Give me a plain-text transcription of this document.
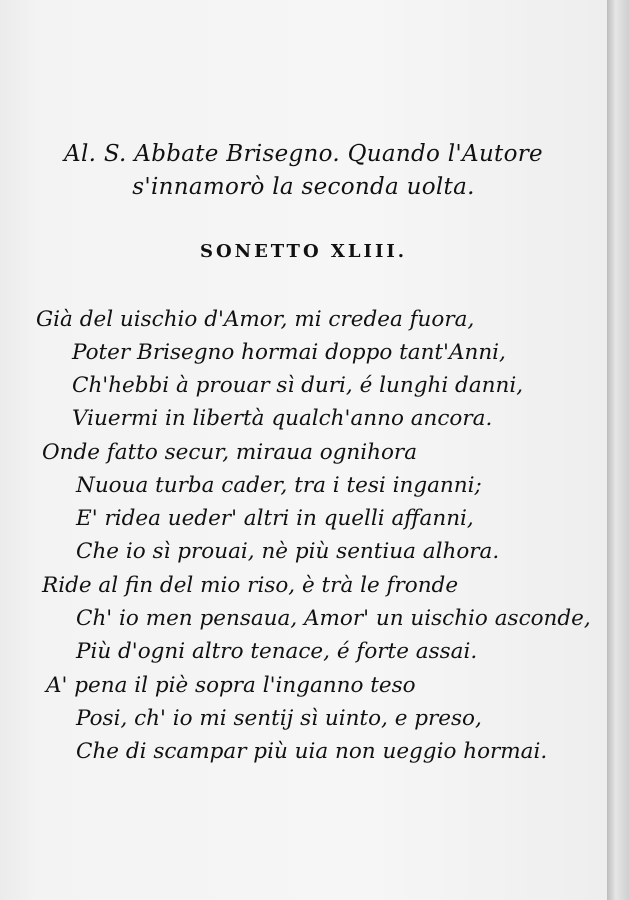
Al. S. Abbate Brisegno. Quando l'Autore
s'innamorò la seconda uolta.
SONETTO XLIII.
Già del uischio d'Amor, mi credea fuora,
Poter Brisegno hormai doppo tant'Anni,
Ch'hebbi à prouar sì duri, é lunghi danni,
Viuermi in libertà qualch'anno ancora.
Onde fatto secur, miraua ognihora
Nuoua turba cader, tra i tesi inganni;
E' ridea ueder' altri in quelli affanni,
Che io sì prouai, nè più sentiua alhora.
Ride al fin del mio riso, è trà le fronde
Ch' io men pensaua, Amor' un uischio asconde,
Più d'ogni altro tenace, é forte assai.
A' pena il piè sopra l'inganno teso
Posi, ch' io mi sentij sì uinto, e preso,
Che di scampar più uia non ueggio hormai.
